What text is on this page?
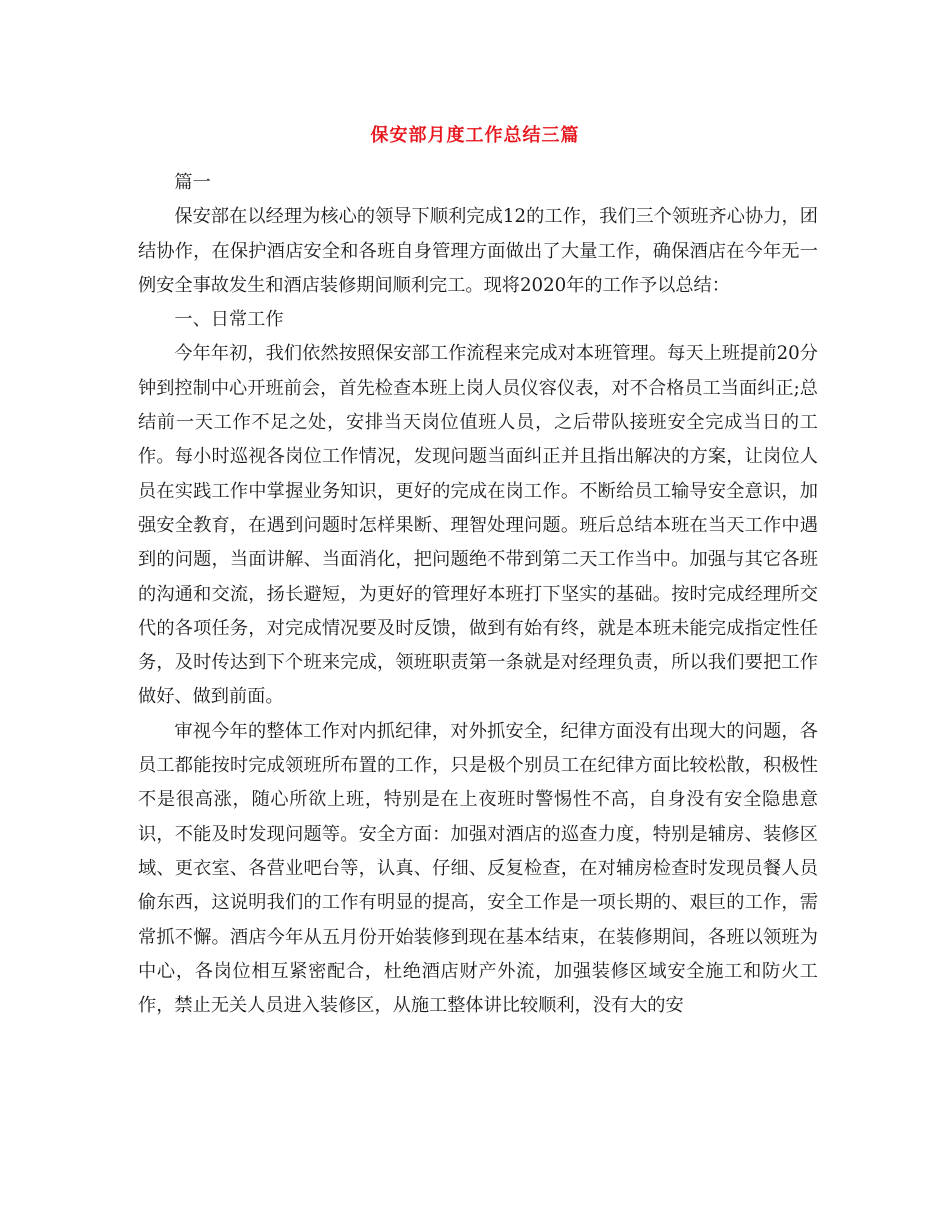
保安部月度工作总结三篇

篇一

保安部在以经理为核心的领导下顺利完成12的工作，我们三个领班齐心协力，团结协作，在保护酒店安全和各班自身管理方面做出了大量工作，确保酒店在今年无一例安全事故发生和酒店装修期间顺利完工。现将2020年的工作予以总结：

一、日常工作

今年年初，我们依然按照保安部工作流程来完成对本班管理。每天上班提前20分钟到控制中心开班前会，首先检查本班上岗人员仪容仪表，对不合格员工当面纠正;总结前一天工作不足之处，安排当天岗位值班人员，之后带队接班安全完成当日的工作。每小时巡视各岗位工作情况，发现问题当面纠正并且指出解决的方案，让岗位人员在实践工作中掌握业务知识，更好的完成在岗工作。不断给员工输导安全意识，加强安全教育，在遇到问题时怎样果断、理智处理问题。班后总结本班在当天工作中遇到的问题，当面讲解、当面消化，把问题绝不带到第二天工作当中。加强与其它各班的沟通和交流，扬长避短，为更好的管理好本班打下坚实的基础。按时完成经理所交代的各项任务，对完成情况要及时反馈，做到有始有终，就是本班未能完成指定性任务，及时传达到下个班来完成，领班职责第一条就是对经理负责，所以我们要把工作做好、做到前面。

审视今年的整体工作对内抓纪律，对外抓安全，纪律方面没有出现大的问题，各员工都能按时完成领班所布置的工作，只是极个别员工在纪律方面比较松散，积极性不是很高涨，随心所欲上班，特别是在上夜班时警惕性不高，自身没有安全隐患意识，不能及时发现问题等。安全方面：加强对酒店的巡查力度，特别是辅房、装修区域、更衣室、各营业吧台等，认真、仔细、反复检查，在对辅房检查时发现员餐人员偷东西，这说明我们的工作有明显的提高，安全工作是一项长期的、艰巨的工作，需常抓不懈。酒店今年从五月份开始装修到现在基本结束，在装修期间，各班以领班为中心，各岗位相互紧密配合，杜绝酒店财产外流，加强装修区域安全施工和防火工作，禁止无关人员进入装修区，从施工整体讲比较顺利，没有大的安
